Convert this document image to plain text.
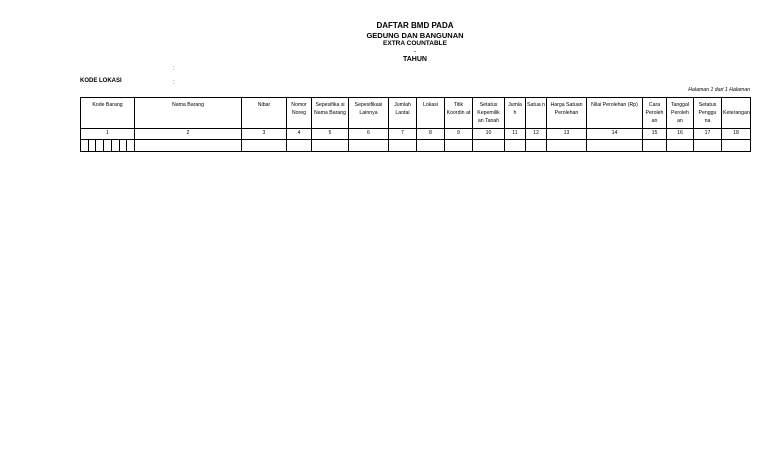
DAFTAR BMD PADA
GEDUNG DAN BANGUNAN
EXTRA COUNTABLE
.
TAHUN
:
KODE LOKASI	:
Halaman 1 dari 1 Halaman
Kode Barang	Nama Barang	Nibar	Nomor Noreg	Sepesifika si Nama Barang	Sepesifikasi Lainnya	Jumlah Lantai	Lokasi	Titik Koordin at	Setatus Kepemilik an Tanah	Jumla h	Satua n	Harga Satuan Perolehan	Nilai Perolehan (Rp)	Cara Peroleh an	Tanggal Peroleh an	Setatus Penggu na	Keterangan
1	2	3	4	5	6	7	8	9	10	11	12	13	14	15	16	17	18
